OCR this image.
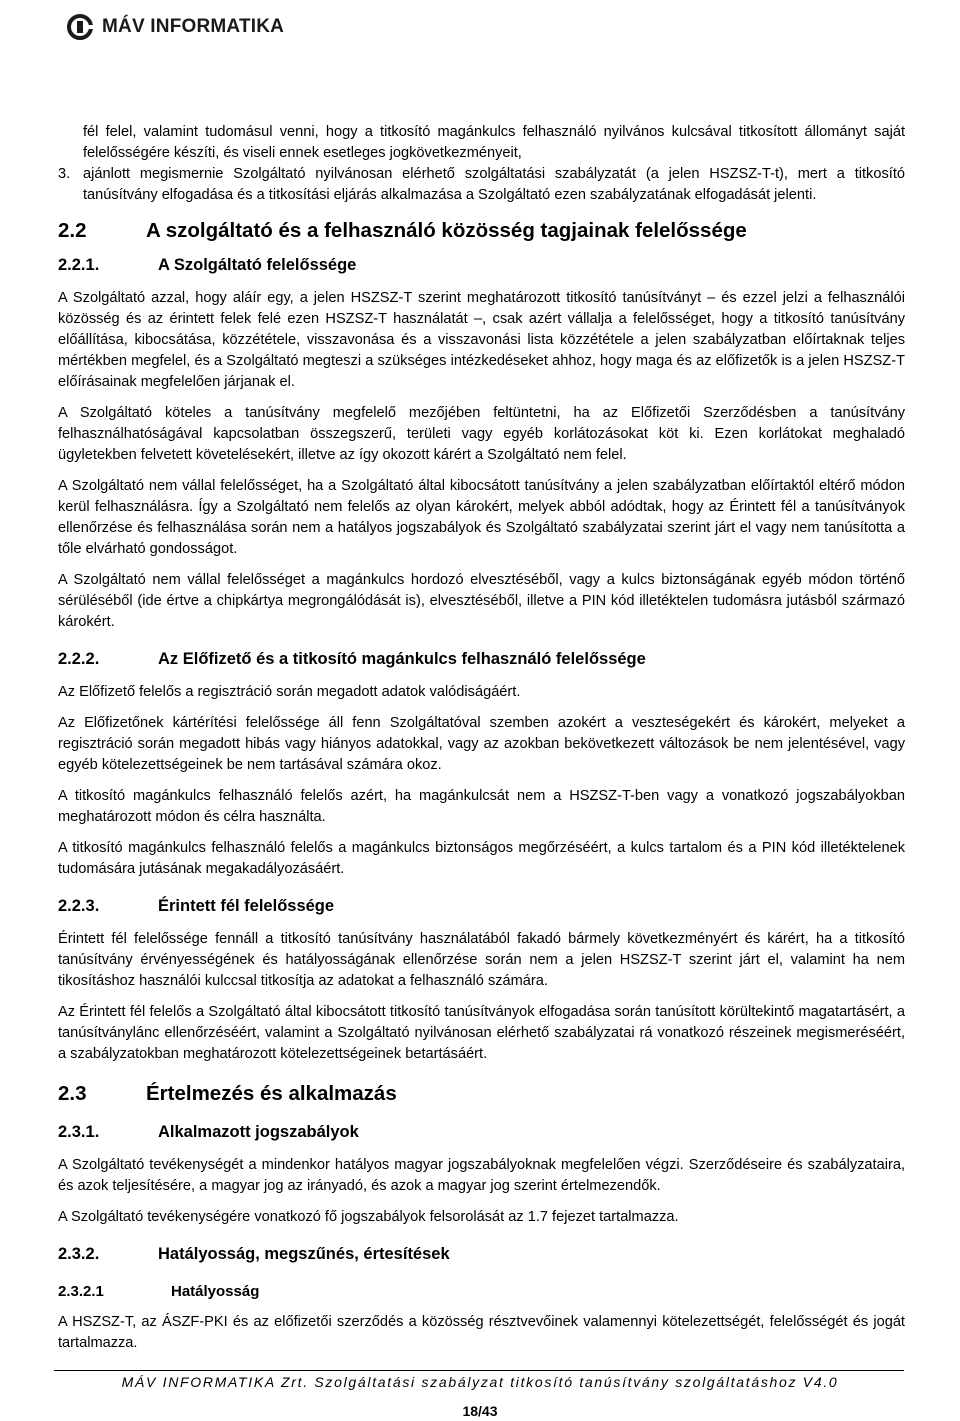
MÁV INFORMATIKA

fél felel, valamint tudomásul venni, hogy a titkosító magánkulcs felhasználó nyilvános kulcsával titkosított állományt saját felelősségére készíti, és viseli ennek esetleges jogkövetkezményeit,

3. ajánlott megismernie Szolgáltató nyilvánosan elérhető szolgáltatási szabályzatát (a jelen HSZSZ-T-t), mert a titkosító tanúsítvány elfogadása és a titkosítási eljárás alkalmazása a Szolgáltató ezen szabályzatának elfogadását jelenti.
2.2	A szolgáltató és a felhasználó közösség tagjainak felelőssége
2.2.1.	A Szolgáltató felelőssége

A Szolgáltató azzal, hogy aláír egy, a jelen HSZSZ-T szerint meghatározott titkosító tanúsítványt – és ezzel jelzi a felhasználói közösség és az érintett felek felé ezen HSZSZ-T használatát –, csak azért vállalja a felelősséget, hogy a titkosító tanúsítvány előállítása, kibocsátása, közzététele, visszavonása és a visszavonási lista közzététele a jelen szabályzatban előírtaknak teljes mértékben megfelel, és a Szolgáltató megteszi a szükséges intézkedéseket ahhoz, hogy maga és az előfizetők is a jelen HSZSZ-T előírásainak megfelelően járjanak el.

A Szolgáltató köteles a tanúsítvány megfelelő mezőjében feltüntetni, ha az Előfizetői Szerződésben a tanúsítvány felhasználhatóságával kapcsolatban összegszerű, területi vagy egyéb korlátozásokat köt ki. Ezen korlátokat meghaladó ügyletekben felvetett követelésekért, illetve az így okozott kárért a Szolgáltató nem felel.

A Szolgáltató nem vállal felelősséget, ha a Szolgáltató által kibocsátott tanúsítvány a jelen szabályzatban előírtaktól eltérő módon kerül felhasználásra. Így a Szolgáltató nem felelős az olyan károkért, melyek abból adódtak, hogy az Érintett fél a tanúsítványok ellenőrzése és felhasználása során nem a hatályos jogszabályok és Szolgáltató szabályzatai szerint járt el vagy nem tanúsította a tőle elvárható gondosságot.

A Szolgáltató nem vállal felelősséget a magánkulcs hordozó elvesztéséből, vagy a kulcs biztonságának egyéb módon történő sérüléséből (ide értve a chipkártya megrongálódását is), elvesztéséből, illetve a PIN kód illetéktelen tudomásra jutásból származó károkért.

2.2.2.	Az Előfizető és a titkosító magánkulcs felhasználó felelőssége

Az Előfizető felelős a regisztráció során megadott adatok valódiságáért.

Az Előfizetőnek kártérítési felelőssége áll fenn Szolgáltatóval szemben azokért a veszteségekért és károkért, melyeket a regisztráció során megadott hibás vagy hiányos adatokkal, vagy az azokban bekövetkezett változások be nem jelentésével, vagy egyéb kötelezettségeinek be nem tartásával számára okoz.

A titkosító magánkulcs felhasználó felelős azért, ha magánkulcsát nem a HSZSZ-T-ben vagy a vonatkozó jogszabályokban meghatározott módon és célra használta.

A titkosító magánkulcs felhasználó felelős a magánkulcs biztonságos megőrzéséért, a kulcs tartalom és a PIN kód illetéktelenek tudomására jutásának megakadályozásáért.

2.2.3.	Érintett fél felelőssége

Érintett fél felelőssége fennáll a titkosító tanúsítvány használatából fakadó bármely következményért és kárért, ha a titkosító tanúsítvány érvényességének és hatályosságának ellenőrzése során nem a jelen HSZSZ-T szerint járt el, valamint ha nem tikosításhoz használói kulccsal titkosítja az adatokat a felhasználó számára.

Az Érintett fél felelős a Szolgáltató által kibocsátott titkosító tanúsítványok elfogadása során tanúsított körültekintő magatartásért, a tanúsítványlánc ellenőrzéséért, valamint a Szolgáltató nyilvánosan elérhető szabályzatai rá vonatkozó részeinek megismeréséért, a szabályzatokban meghatározott kötelezettségeinek betartásáért.

2.3	Értelmezés és alkalmazás
2.3.1.	Alkalmazott jogszabályok

A Szolgáltató tevékenységét a mindenkor hatályos magyar jogszabályoknak megfelelően végzi. Szerződéseire és szabályzataira, és azok teljesítésére, a magyar jog az irányadó, és azok a magyar jog szerint értelmezendők.

A Szolgáltató tevékenységére vonatkozó fő jogszabályok felsorolását az 1.7 fejezet tartalmazza.

2.3.2.	Hatályosság, megszűnés, értesítések
2.3.2.1	Hatályosság

A HSZSZ-T, az ÁSZF-PKI és az előfizetői szerződés a közösség résztvevőinek valamennyi kötelezettségét, felelősségét és jogát tartalmazza.

MÁV INFORMATIKA Zrt. Szolgáltatási szabályzat titkosító tanúsítvány szolgáltatáshoz V4.0
18/43
